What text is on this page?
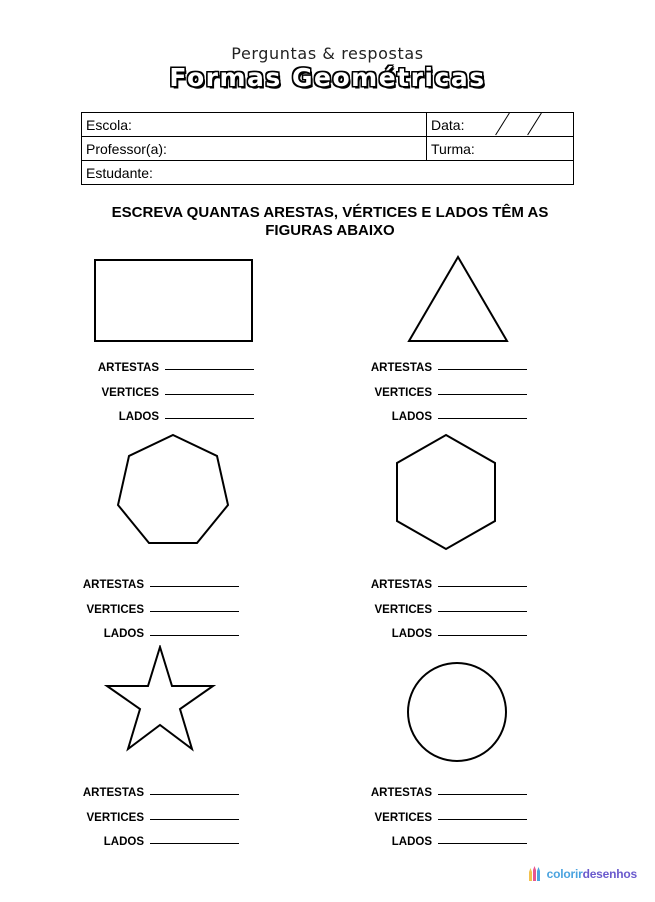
Perguntas & respostas
Formas Geométricas
Escola:	Data:

Professor(a):	Turma:
Estudante:	
ESCREVA QUANTAS ARESTAS, VÉRTICES E LADOS TÊM AS
FIGURAS ABAIXO
ARTESTAS
VERTICES
LADOS
ARTESTAS
VERTICES
LADOS
ARTESTAS
VERTICES
LADOS
ARTESTAS
VERTICES
LADOS
ARTESTAS
VERTICES
LADOS
ARTESTAS
VERTICES
LADOS
colorirdesenhos
